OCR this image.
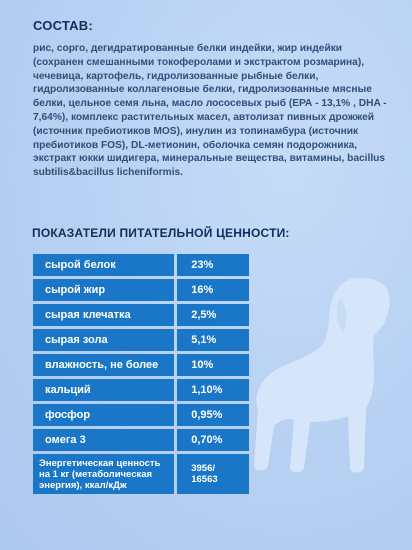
СОСТАВ:

рис, сорго, дегидратированные белки индейки, жир индейки (сохранен смешанными токоферолами и экстрактом розмарина), чечевица, картофель, гидролизованные рыбные белки, гидролизованные коллагеновые белки, гидролизованные мясные белки, цельное семя льна, масло лососевых рыб (ЕРА - 13,1% , DHA - 7,64%), комплекс растительных масел, автолизат пивных дрожжей (источник пребиотиков MOS), инулин из топинамбура (источник пребиотиков FOS), DL-метионин, оболочка семян подорожника, экстракт юкки шидигера, минеральные вещества, витамины, bacillus subtilis&bacillus licheniformis.

ПОКАЗАТЕЛИ ПИТАТЕЛЬНОЙ ЦЕННОСТИ:
сырой белок	23%
сырой жир	16%
сырая клечатка	2,5%
сырая зола	5,1%
влажность, не более	10%
кальций	1,10%
фосфор	0,95%
омега 3	0,70%
Энергетическая ценность на 1 кг (метаболическая энергия), ккал/кДж	3956/ 16563
